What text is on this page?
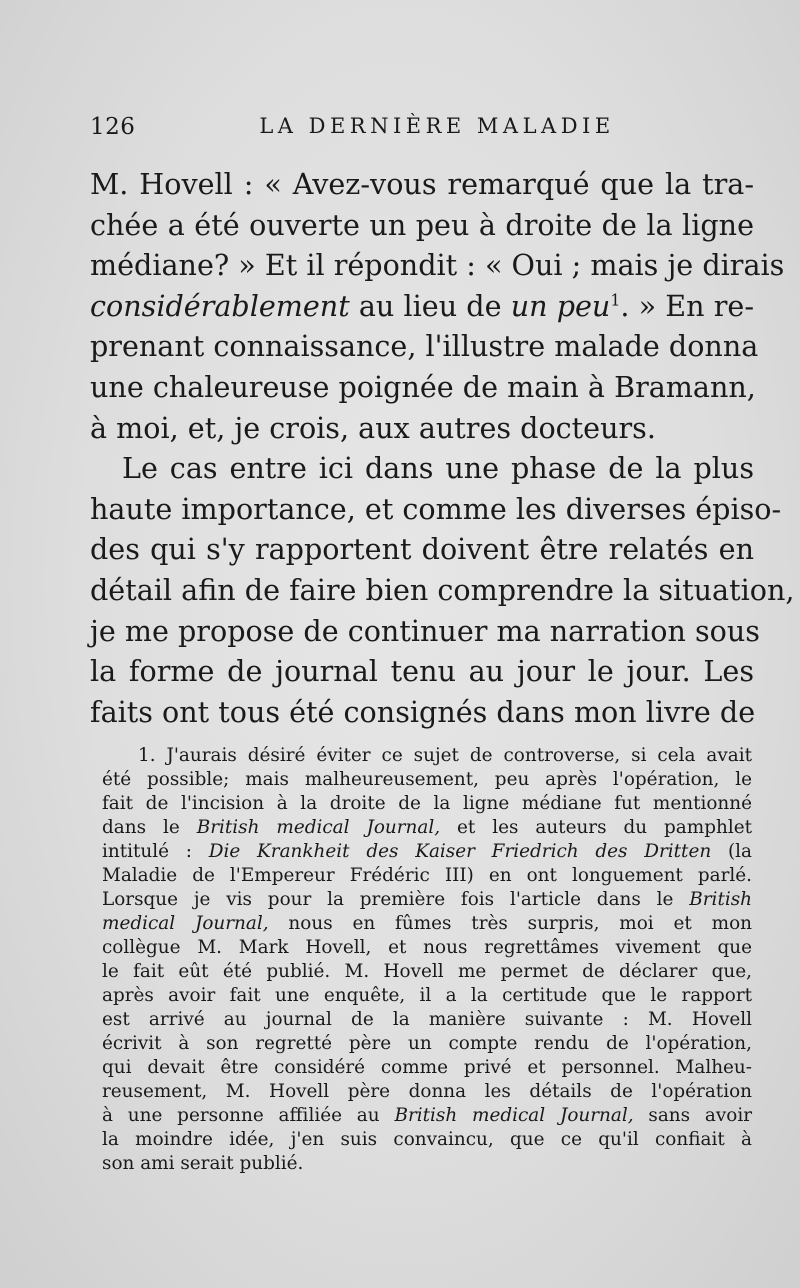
126	LA DERNIÈRE MALADIE
M. Hovell : « Avez-vous remarqué que la tra-
chée a été ouverte un peu à droite de la ligne
médiane? » Et il répondit : « Oui ; mais je dirais
considérablement au lieu de un peu$^1$. » En re-
prenant connaissance, l'illustre malade donna
une chaleureuse poignée de main à Bramann,
à moi, et, je crois, aux autres docteurs.
Le cas entre ici dans une phase de la plus
haute importance, et comme les diverses épiso-
des qui s'y rapportent doivent être relatés en
détail afin de faire bien comprendre la situation,
je me propose de continuer ma narration sous
la forme de journal tenu au jour le jour. Les
faits ont tous été consignés dans mon livre de
1. J'aurais désiré éviter ce sujet de controverse, si cela avait
été possible; mais malheureusement, peu après l'opération, le
fait de l'incision à la droite de la ligne médiane fut mentionné
dans le British medical Journal, et les auteurs du pamphlet
intitulé : Die Krankheit des Kaiser Friedrich des Dritten (la
Maladie de l'Empereur Frédéric III) en ont longuement parlé.
Lorsque je vis pour la première fois l'article dans le British
medical Journal, nous en fûmes très surpris, moi et mon
collègue M. Mark Hovell, et nous regrettâmes vivement que
le fait eût été publié. M. Hovell me permet de déclarer que,
après avoir fait une enquête, il a la certitude que le rapport
est arrivé au journal de la manière suivante : M. Hovell
écrivit à son regretté père un compte rendu de l'opération,
qui devait être considéré comme privé et personnel. Malheu-
reusement, M. Hovell père donna les détails de l'opération
à une personne affiliée au British medical Journal, sans avoir
la moindre idée, j'en suis convaincu, que ce qu'il confiait à
son ami serait publié.
